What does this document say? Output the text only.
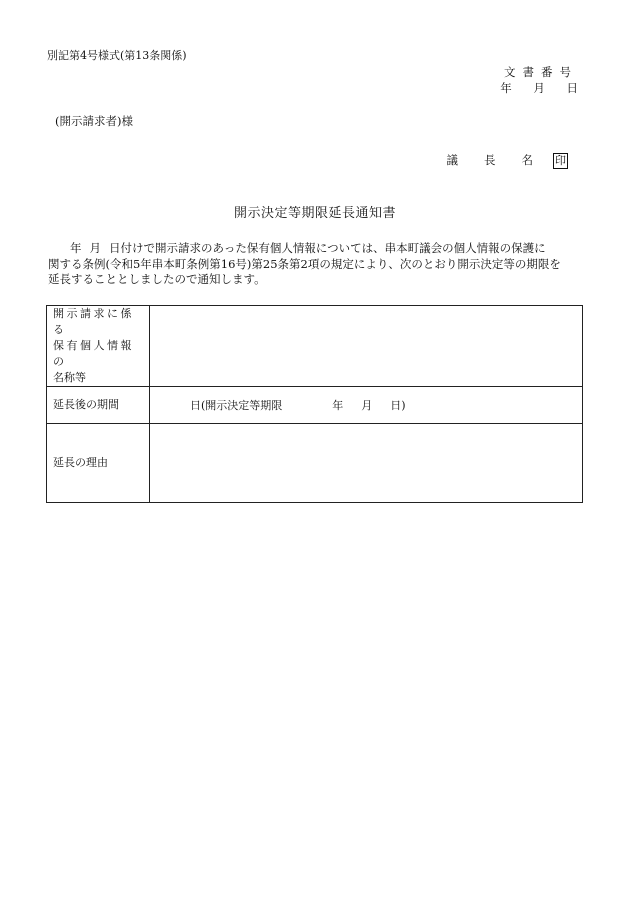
別記第4号様式(第13条関係)
文書番号
年 月 日
(開示請求者)様
議 長 名 印
開示決定等期限延長通知書
年 月 日付けで開示請求のあった保有個人情報については、串本町議会の個人情報の保護に
関する条例(令和5年串本町条例第16号)第25条第2項の規定により、次のとおり開示決定等の期限を
延長することとしましたので通知します。
開示請求に係る
保有個人情報の
名称等	

延長後の期間	日(開示決定等期限 年 月 日)
延長の理由	
